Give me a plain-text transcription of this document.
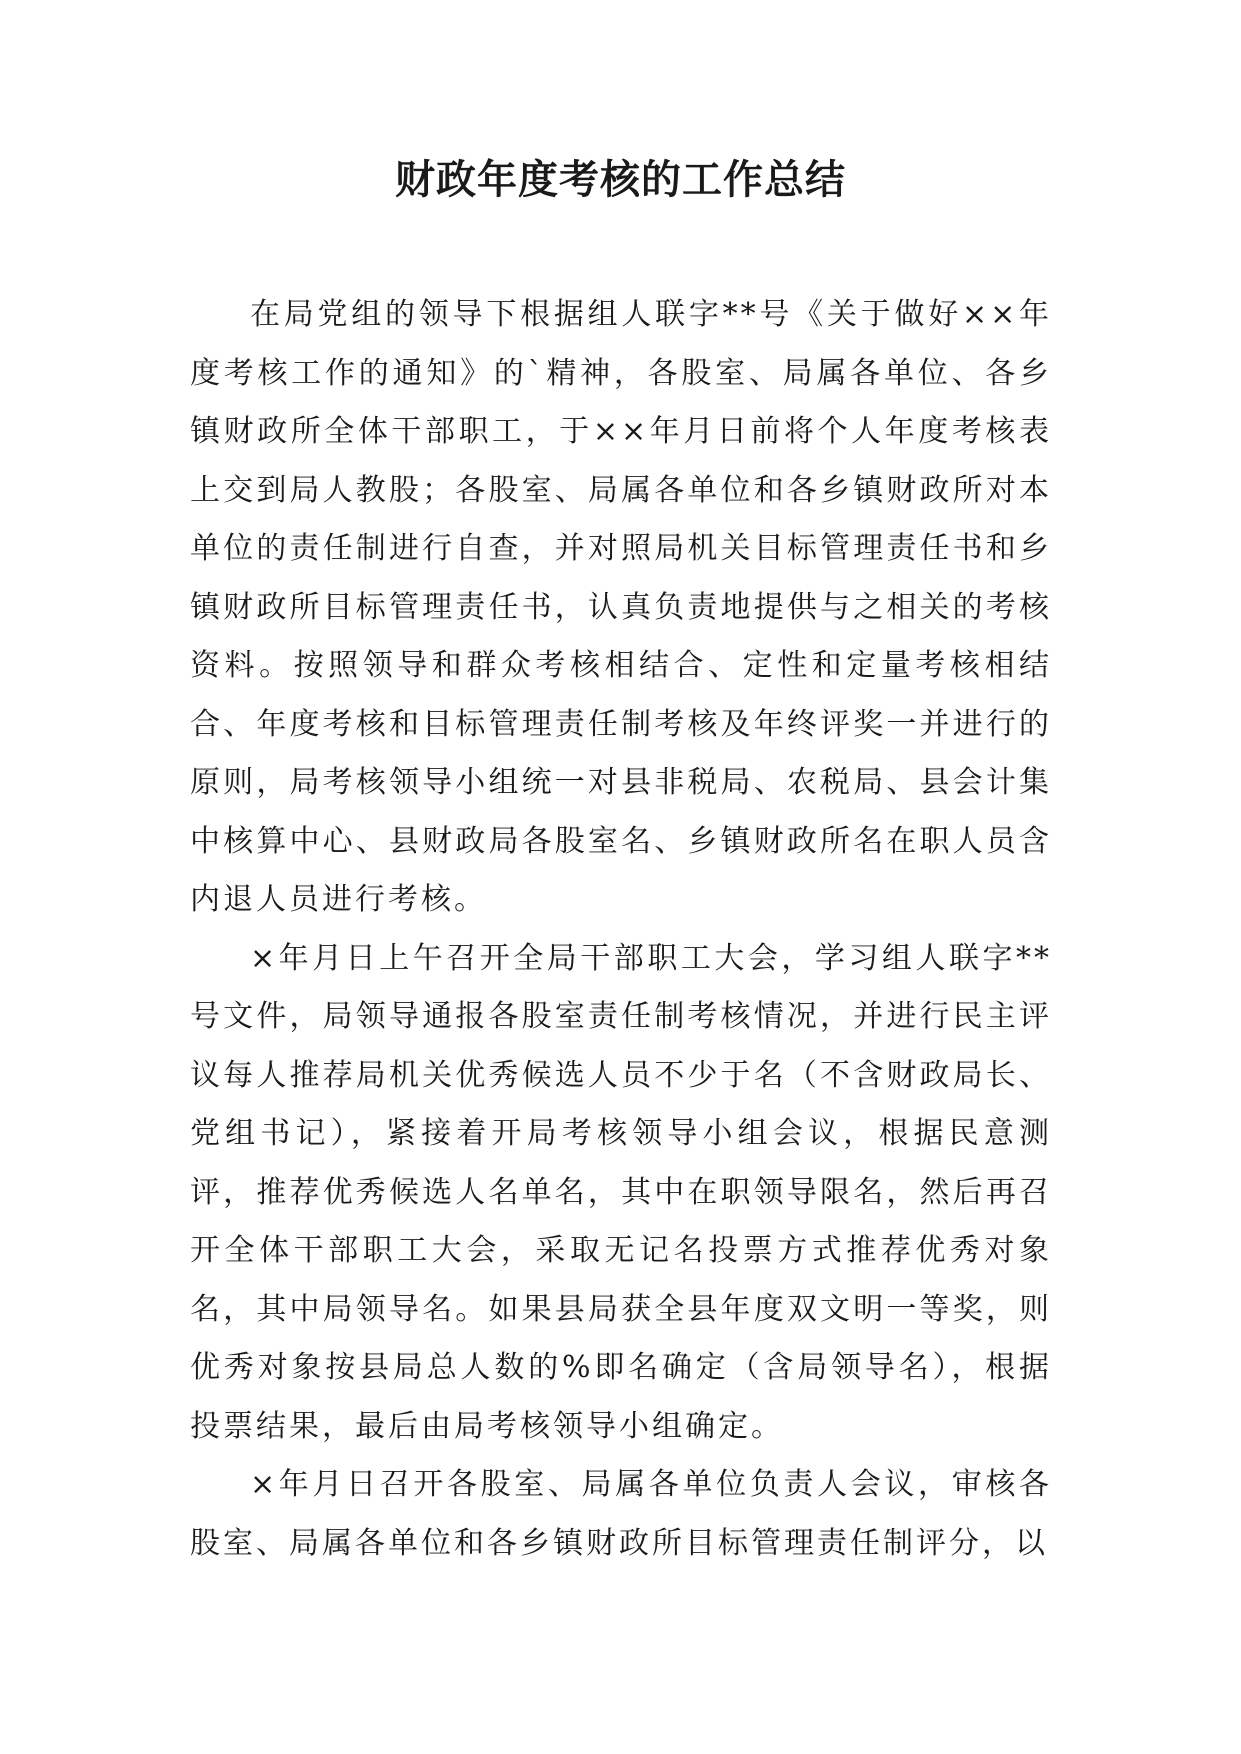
财政年度考核的工作总结

在局党组的领导下根据组人联字**号《关于做好××年度考核工作的通知》的`精神，各股室、局属各单位、各乡镇财政所全体干部职工，于××年月日前将个人年度考核表上交到局人教股；各股室、局属各单位和各乡镇财政所对本单位的责任制进行自查，并对照局机关目标管理责任书和乡镇财政所目标管理责任书，认真负责地提供与之相关的考核资料。按照领导和群众考核相结合、定性和定量考核相结合、年度考核和目标管理责任制考核及年终评奖一并进行的原则，局考核领导小组统一对县非税局、农税局、县会计集中核算中心、县财政局各股室名、乡镇财政所名在职人员含内退人员进行考核。

×年月日上午召开全局干部职工大会，学习组人联字**号文件，局领导通报各股室责任制考核情况，并进行民主评议每人推荐局机关优秀候选人员不少于名（不含财政局长、党组书记），紧接着开局考核领导小组会议，根据民意测评，推荐优秀候选人名单名，其中在职领导限名，然后再召开全体干部职工大会，采取无记名投票方式推荐优秀对象名，其中局领导名。如果县局获全县年度双文明一等奖，则优秀对象按县局总人数的%即名确定（含局领导名），根据投票结果，最后由局考核领导小组确定。

×年月日召开各股室、局属各单位负责人会议，审核各股室、局属各单位和各乡镇财政所目标管理责任制评分，以
